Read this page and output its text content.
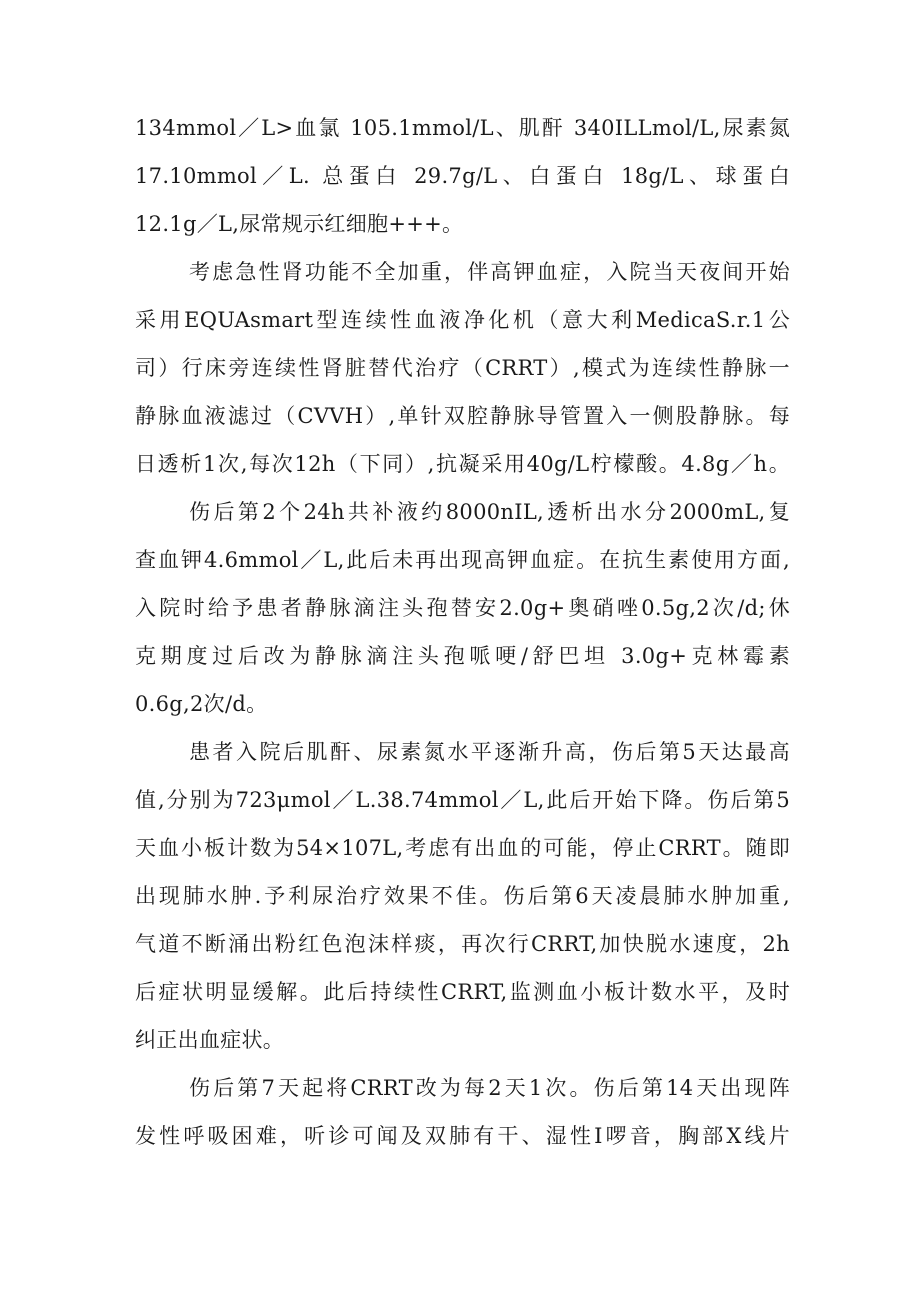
134mmol／L>血氯 105.1mmol/L、肌酐 340ILLmol/L,尿素氮
17.10mmol／L. 总蛋白 29.7g/L、白蛋白 18g/L、球蛋白
12.1g／L,尿常规示红细胞+++。
考虑急性肾功能不全加重，伴高钾血症，入院当天夜间开始
采用EQUAsmart型连续性血液净化机（意大利MedicaS.r.1公
司）行床旁连续性肾脏替代治疗（CRRT）,模式为连续性静脉一
静脉血液滤过（CVVH）,单针双腔静脉导管置入一侧股静脉。每
日透析1次,每次12h（下同）,抗凝采用40g/L柠檬酸。4.8g／h。
伤后第2个24h共补液约8000nIL,透析出水分2000mL,复
查血钾4.6mmol／L,此后未再出现高钾血症。在抗生素使用方面,
入院时给予患者静脉滴注头孢替安2.0g+奥硝唑0.5g,2次/d;休
克期度过后改为静脉滴注头孢哌哽/舒巴坦 3.0g+克林霉素
0.6g,2次/d。
患者入院后肌酐、尿素氮水平逐渐升高，伤后第5天达最高
值,分别为723μmol／L.38.74mmol／L,此后开始下降。伤后第5
天血小板计数为54×107L,考虑有出血的可能，停止CRRT。随即
出现肺水肿.予利尿治疗效果不佳。伤后第6天凌晨肺水肿加重,
气道不断涌出粉红色泡沫样痰，再次行CRRT,加快脱水速度，2h
后症状明显缓解。此后持续性CRRT,监测血小板计数水平，及时
纠正出血症状。
伤后第7天起将CRRT改为每2天1次。伤后第14天出现阵
发性呼吸困难，听诊可闻及双肺有干、湿性I啰音，胸部X线片
